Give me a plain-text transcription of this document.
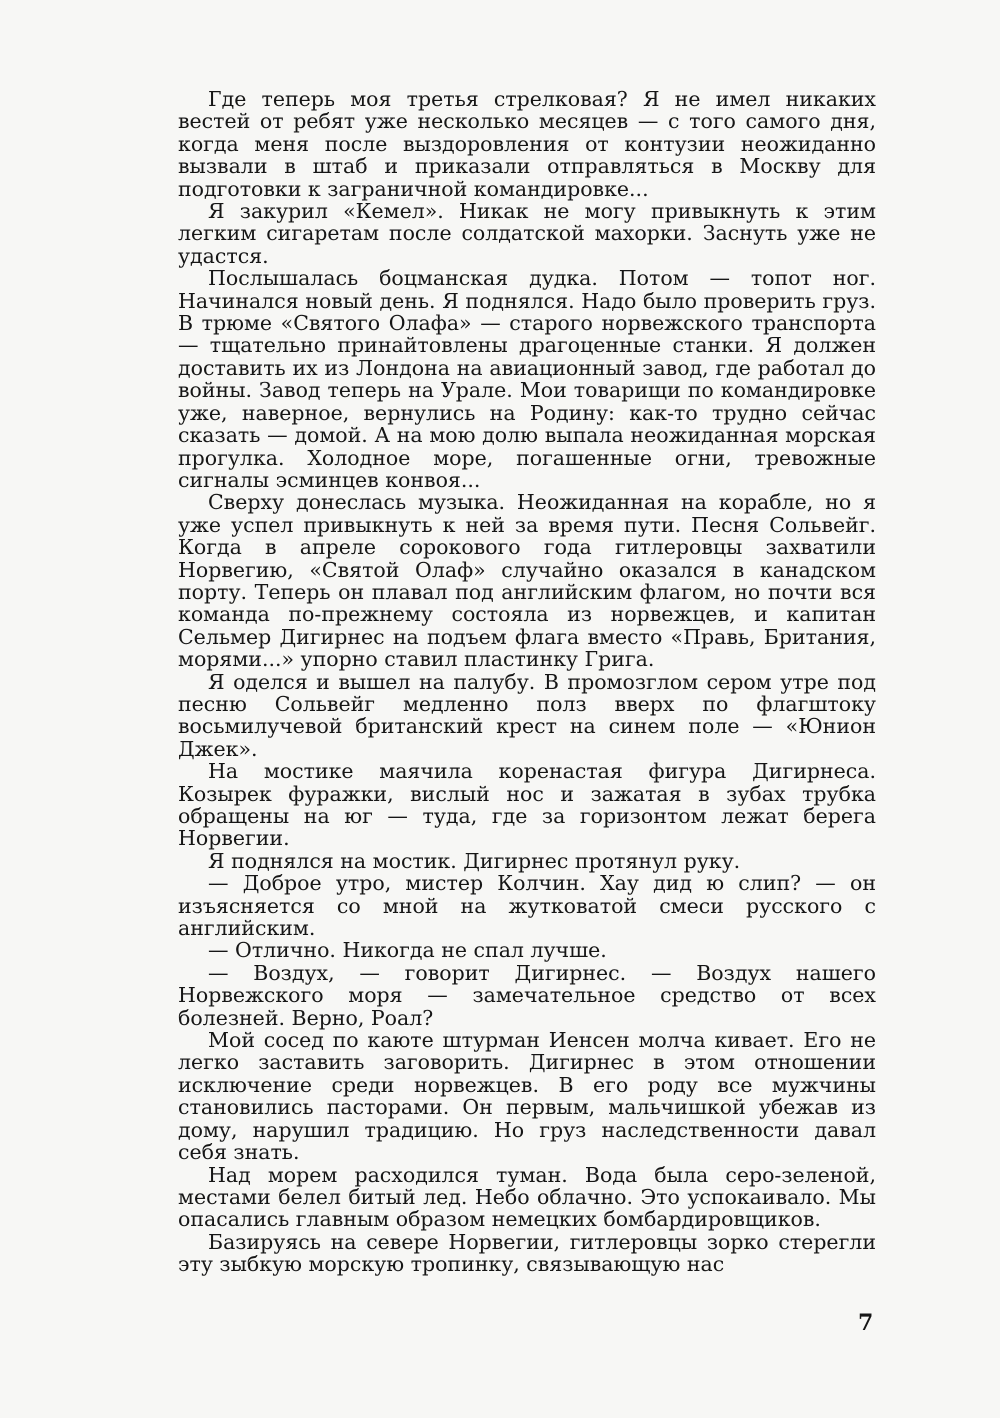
Где теперь моя третья стрелковая? Я не имел никаких вестей от ребят уже несколько месяцев — с того самого дня, когда меня после выздоровления от контузии неожиданно вызвали в штаб и приказали отправляться в Москву для подготовки к заграничной командировке...

Я закурил «Кемел». Никак не могу привыкнуть к этим легким сигаретам после солдатской махорки. Заснуть уже не удастся.

Послышалась боцманская дудка. Потом — топот ног. Начинался новый день. Я поднялся. Надо было проверить груз. В трюме «Святого Олафа» — старого норвежского транспорта — тщательно принайтовлены драгоценные станки. Я должен доставить их из Лондона на авиационный завод, где работал до войны. Завод теперь на Урале. Мои товарищи по командировке уже, наверное, вернулись на Родину: как-то трудно сейчас сказать — домой. А на мою долю выпала неожиданная морская прогулка. Холодное море, погашенные огни, тревожные сигналы эсминцев конвоя...

Сверху донеслась музыка. Неожиданная на корабле, но я уже успел привыкнуть к ней за время пути. Песня Сольвейг. Когда в апреле сорокового года гитлеровцы захватили Норвегию, «Святой Олаф» случайно оказался в канадском порту. Теперь он плавал под английским флагом, но почти вся команда по-прежнему состояла из норвежцев, и капитан Сельмер Дигирнес на подъем флага вместо «Правь, Британия, морями...» упорно ставил пластинку Грига.

Я оделся и вышел на палубу. В промозглом сером утре под песню Сольвейг медленно полз вверх по флагштоку восьмилучевой британский крест на синем поле — «Юнион Джек».

На мостике маячила коренастая фигура Дигирнеса. Козырек фуражки, вислый нос и зажатая в зубах трубка обращены на юг — туда, где за горизонтом лежат берега Норвегии.

Я поднялся на мостик. Дигирнес протянул руку.

— Доброе утро, мистер Колчин. Хау дид ю слип? — он изъясняется со мной на жутковатой смеси русского с английским.

— Отлично. Никогда не спал лучше.

— Воздух, — говорит Дигирнес. — Воздух нашего Норвежского моря — замечательное средство от всех болезней. Верно, Роал?

Мой сосед по каюте штурман Иенсен молча кивает. Его не легко заставить заговорить. Дигирнес в этом отношении исключение среди норвежцев. В его роду все мужчины становились пасторами. Он первым, мальчишкой убежав из дому, нарушил традицию. Но груз наследственности давал себя знать.

Над морем расходился туман. Вода была серо-зеленой, местами белел битый лед. Небо облачно. Это успокаивало. Мы опасались главным образом немецких бомбардировщиков.

Базируясь на севере Норвегии, гитлеровцы зорко стерегли эту зыбкую морскую тропинку, связывающую нас

7
